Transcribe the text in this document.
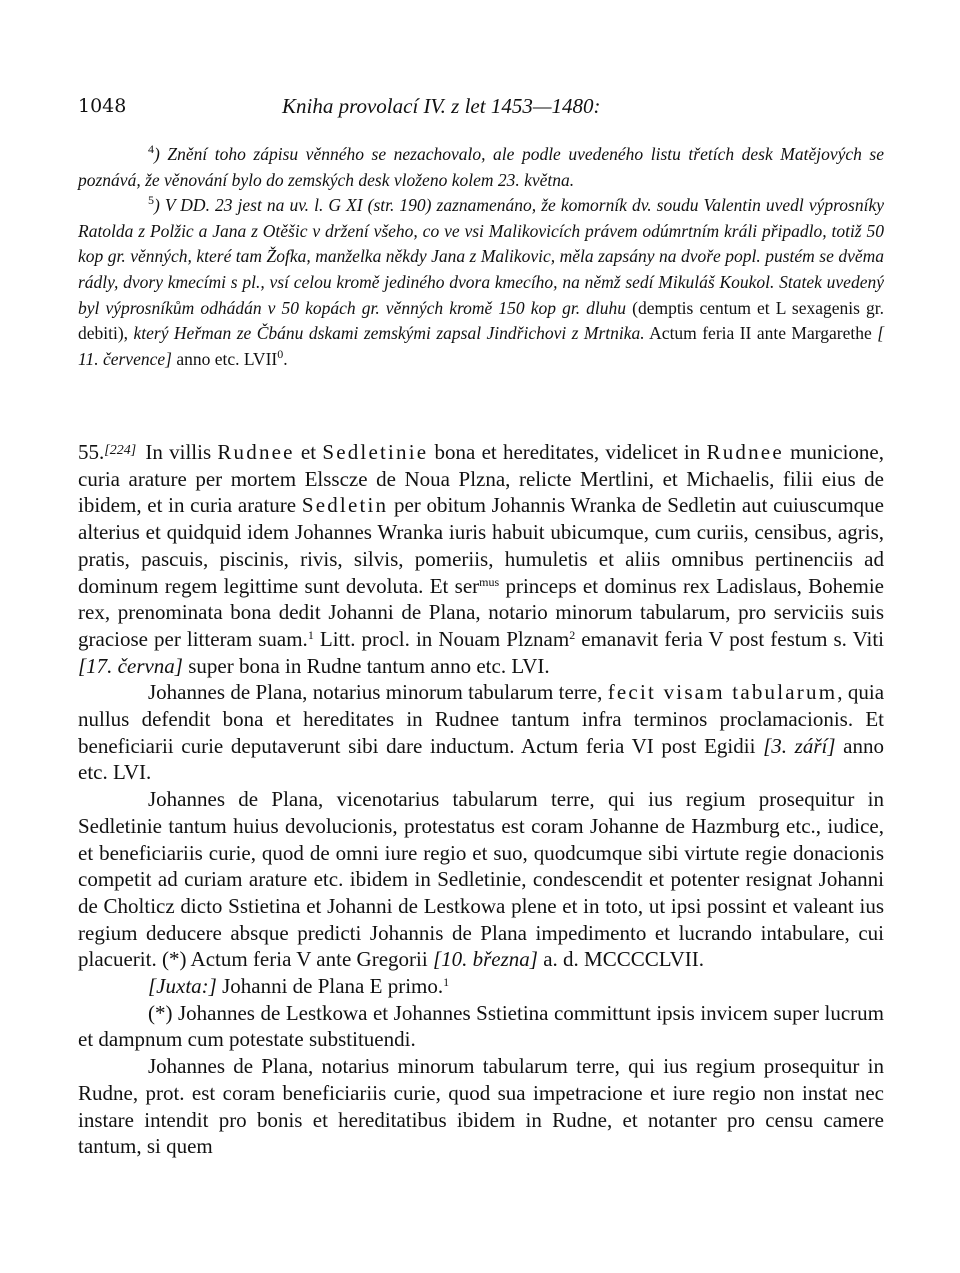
1048	Kniha provolací IV. z let 1453—1480:

$^4$) Znění toho zápisu věnného se nezachovalo, ale podle uvedeného listu třetích desk Matějových se poznává, že věnování bylo do zemských desk vloženo kolem 23. května.

$^5$) V DD. 23 jest na uv. l. G XI (str. 190) zaznamenáno, že komorník dv. soudu Valentin uvedl výprosníky Ratolda z Polžic a Jana z Otěšic v držení všeho, co ve vsi Malikovicích právem odúmrtním králi připadlo, totiž 50 kop gr. věnných, které tam Žofka, manželka někdy Jana z Malikovic, měla zapsány na dvoře popl. pustém se dvěma rádly, dvory kmecími s pl., vsí celou kromě jediného dvora kmecího, na němž sedí Mikuláš Koukol. Statek uvedený byl výprosníkům odhádán v 50 kopách gr. věnných kromě 150 kop gr. dluhu (demptis centum et L sexagenis gr. debiti), který Heřman ze Čbánu dskami zemskými zapsal Jindřichovi z Mrtnika. Actum feria II ante Margarethe [ 11. července] anno etc. LVII$^0$.

55.[224] In villis Rudnee et Sedletinie bona et hereditates, videlicet in Rudnee municione, curia arature per mortem Elsscze de Noua Plzna, relicte Mertlini, et Michaelis, filii eius de ibidem, et in curia arature Sedletin per obitum Johannis Wranka de Sedletin aut cuiuscumque alterius et quidquid idem Johannes Wranka iuris habuit ubicumque, cum curiis, censibus, agris, pratis, pascuis, piscinis, rivis, silvis, pomeriis, humuletis et aliis omnibus pertinenciis ad dominum regem legittime sunt devoluta. Et ser$^{mus}$ princeps et dominus rex Ladislaus, Bohemie rex, prenominata bona dedit Johanni de Plana, notario minorum tabularum, pro serviciis suis graciose per litteram suam.$^1$ Litt. procl. in Nouam Plznam$^2$ emanavit feria V post festum s. Viti [17. června] super bona in Rudne tantum anno etc. LVI.

Johannes de Plana, notarius minorum tabularum terre, fecit visam tabularum, quia nullus defendit bona et hereditates in Rudnee tantum infra terminos proclamacionis. Et beneficiarii curie deputaverunt sibi dare inductum. Actum feria VI post Egidii [3. září] anno etc. LVI.

Johannes de Plana, vicenotarius tabularum terre, qui ius regium prosequitur in Sedletinie tantum huius devolucionis, protestatus est coram Johanne de Hazmburg etc., iudice, et beneficiariis curie, quod de omni iure regio et suo, quodcumque sibi virtute regie donacionis competit ad curiam arature etc. ibidem in Sedletinie, condescendit et potenter resignat Johanni de Cholticz dicto Sstietina et Johanni de Lestkowa plene et in toto, ut ipsi possint et valeant ius regium deducere absque predicti Johannis de Plana impedimento et lucrando intabulare, cui placuerit. (*) Actum feria V ante Gregorii [10. března] a. d. MCCCCLVII.

[Juxta:] Johanni de Plana E primo.$^1$

(*) Johannes de Lestkowa et Johannes Sstietina committunt ipsis invicem super lucrum et dampnum cum potestate substituendi.

Johannes de Plana, notarius minorum tabularum terre, qui ius regium prosequitur in Rudne, prot. est coram beneficiariis curie, quod sua impetracione et iure regio non instat nec instare intendit pro bonis et hereditatibus ibidem in Rudne, et notanter pro censu camere tantum, si quem
